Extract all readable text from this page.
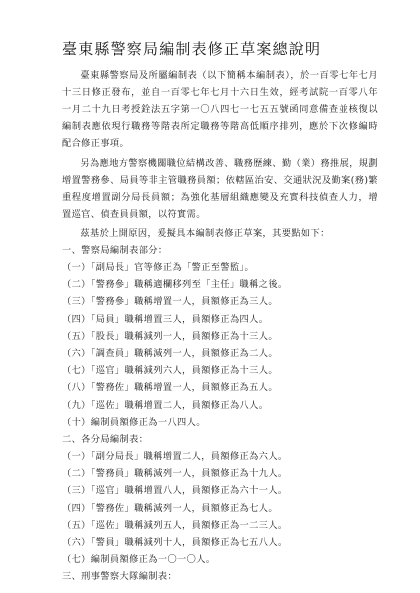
臺東縣警察局編制表修正草案總說明

臺東縣警察局及所屬編制表（以下簡稱本編制表），於一百零七年七月十三日修正發布，並自一百零七年七月十六日生效，經考試院一百零八年一月二十九日考授銓法五字第一〇八四七一七五五號函同意備查並核復以編制表應依現行職務等階表所定職務等階高低順序排列，應於下次修編時配合修正事項。

另為應地方警察機關職位結構改善、職務歷練、勤（業）務推展，規劃增置警務參、局員等非主管職務員額；依轄區治安、交通狀況及勤案(務)繁重程度增置副分局長員額；為強化基層組織應變及充實科技偵查人力，增置巡官、偵查員員額，以符實需。

茲基於上開原因，爰擬具本編制表修正草案，其要點如下：

一、警察局編制表部分：

（一）「副局長」官等修正為「警正至警監」。

（二）「警務參」職稱適欄移列至「主任」職稱之後。

（三）「警務參」職稱增置一人，員額修正為三人。

（四）「局員」職稱增置三人，員額修正為四人。

（五）「股長」職稱減列一人，員額修正為十三人。

（六）「調查員」職稱減列一人，員額修正為二人。

（七）「巡官」職稱減列六人，員額修正為十三人。

（八）「警務佐」職稱增置一人，員額修正為五人。

（九）「巡佐」職稱增置二人，員額修正為八人。

（十）編制員額修正為一八四人。

二、各分局編制表：

（一）「副分局長」職稱增置二人，員額修正為六人。

（二）「警務員」職稱減列一人，員額修正為十九人。

（三）「巡官」職稱增置八人，員額修正為六十一人。

（四）「警務佐」職稱減列一人，員額修正為七人。

（五）「巡佐」職稱減列五人，員額修正為一二三人。

（六）「警員」職稱減列十人，員額修正為七五八人。

（七）編制員額修正為一〇一〇人。

三、刑事警察大隊編制表：
